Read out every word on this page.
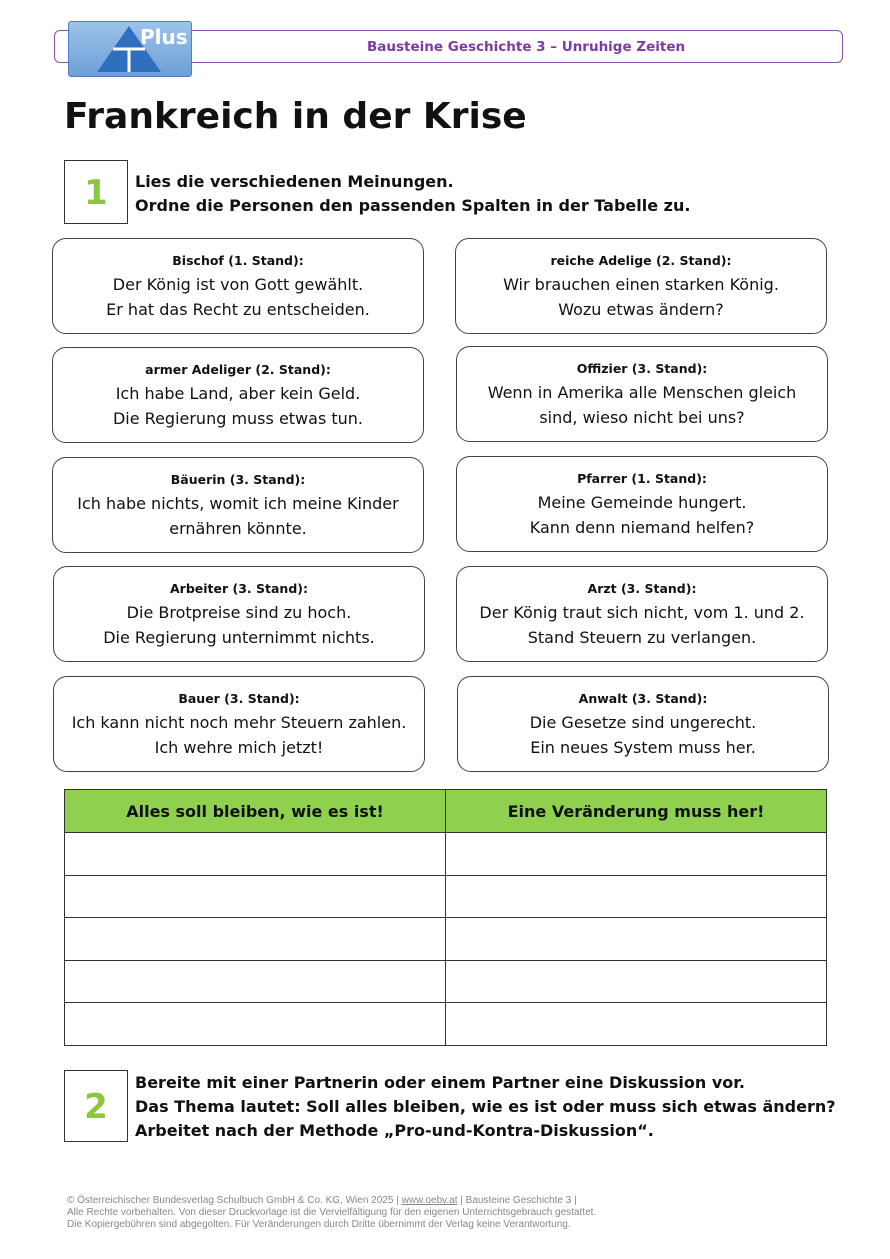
Bausteine Geschichte 3 – Unruhige Zeiten
Plus
Frankreich in der Krise
1	Lies die verschiedenen Meinungen.
Ordne die Personen den passenden Spalten in der Tabelle zu.
Bischof (1. Stand):
Der König ist von Gott gewählt.
Er hat das Recht zu entscheiden.
reiche Adelige (2. Stand):
Wir brauchen einen starken König.
Wozu etwas ändern?
armer Adeliger (2. Stand):
Ich habe Land, aber kein Geld.
Die Regierung muss etwas tun.
Offizier (3. Stand):
Wenn in Amerika alle Menschen gleich
sind, wieso nicht bei uns?
Bäuerin (3. Stand):
Ich habe nichts, womit ich meine Kinder
ernähren könnte.
Pfarrer (1. Stand):
Meine Gemeinde hungert.
Kann denn niemand helfen?
Arbeiter (3. Stand):
Die Brotpreise sind zu hoch.
Die Regierung unternimmt nichts.
Arzt (3. Stand):
Der König traut sich nicht, vom 1. und 2.
Stand Steuern zu verlangen.
Bauer (3. Stand):
Ich kann nicht noch mehr Steuern zahlen.
Ich wehre mich jetzt!
Anwalt (3. Stand):
Die Gesetze sind ungerecht.
Ein neues System muss her.
Alles soll bleiben, wie es ist!	Eine Veränderung muss her!

2
Bereite mit einer Partnerin oder einem Partner eine Diskussion vor.
Das Thema lautet: Soll alles bleiben, wie es ist oder muss sich etwas ändern?
Arbeitet nach der Methode „Pro-und-Kontra-Diskussion“.
© Österreichischer Bundesverlag Schulbuch GmbH & Co. KG, Wien 2025 | www.oebv.at | Bausteine Geschichte 3 |
Alle Rechte vorbehalten. Von dieser Druckvorlage ist die Vervielfältigung für den eigenen Unterrichtsgebrauch gestattet.
Die Kopiergebühren sind abgegolten. Für Veränderungen durch Dritte übernimmt der Verlag keine Verantwortung.
